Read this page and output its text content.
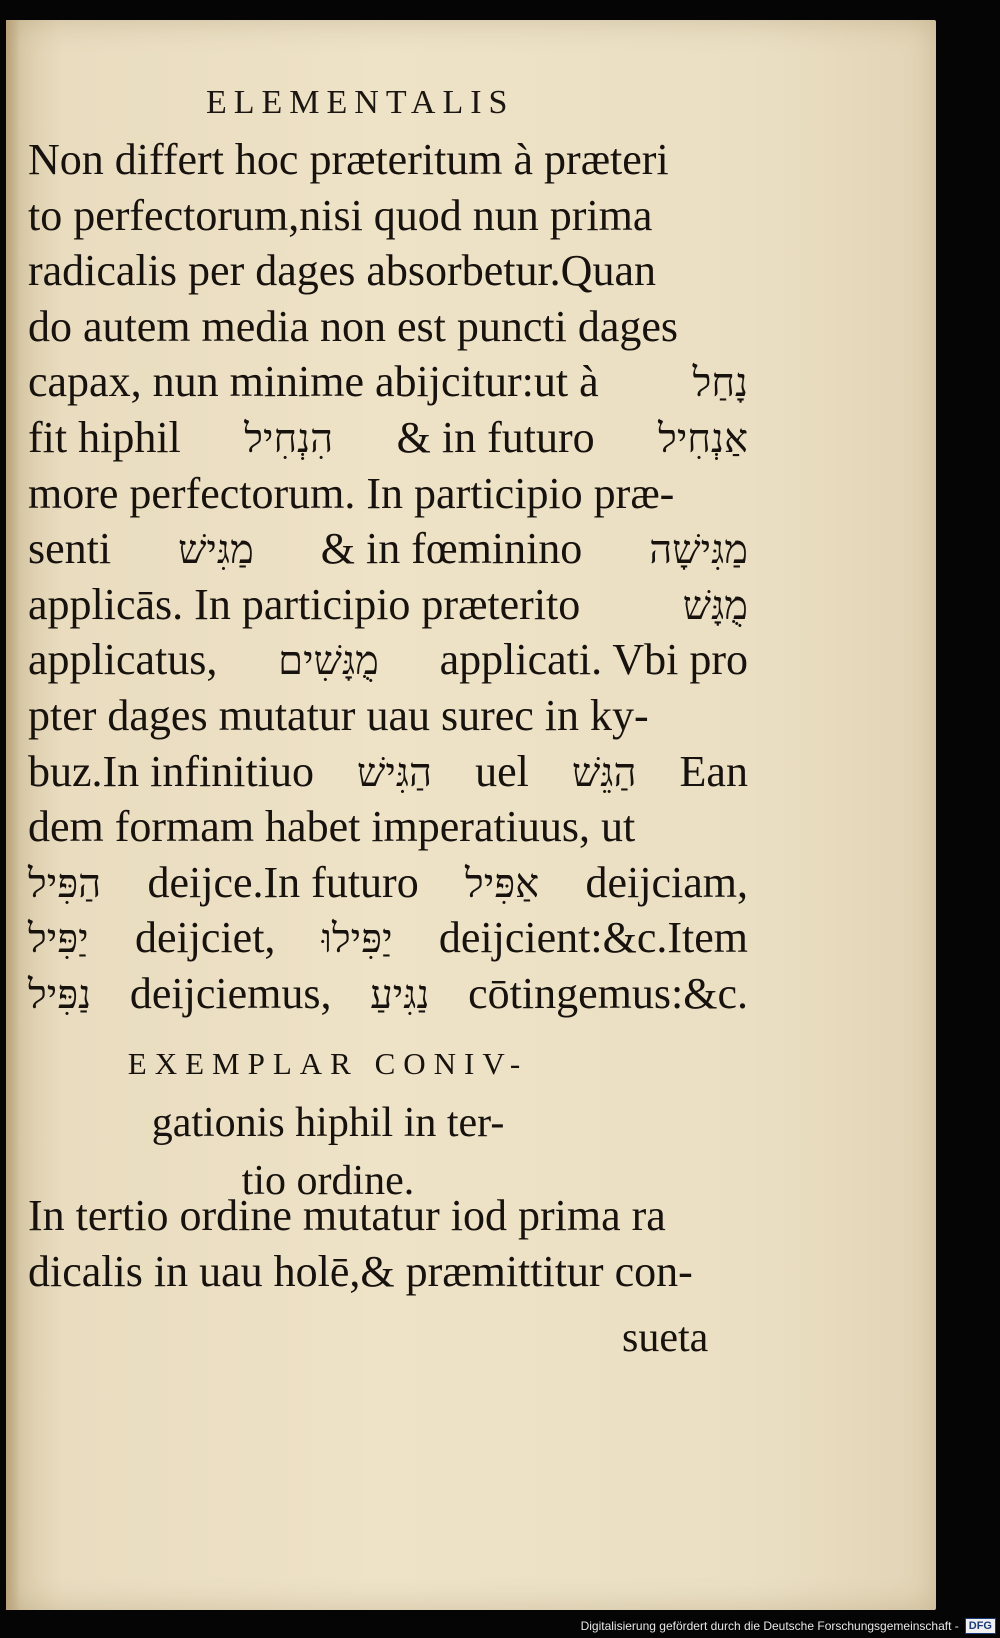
ELEMENTALIS
Non differt hoc præteritum à præteri
to perfectorum,nisi quod nun prima
radicalis per dages absorbetur.Quan
do autem media non est puncti dages
capax, nun minime abijcitur:ut à נָחַל
fit hiphil הִנְחִיל & in futuro אַנְחִיל
more perfectorum. In participio præ-
senti מַגִּישׁ & in fœminino מַגִּישָׁה
applicās. In participio præterito	מֻגָּשׁ
applicatus, מֻגָּשִׁים applicati. Vbi pro
pter dages mutatur uau surec in ky-
buz.In infinitiuo הַגִּישׁ uel הַגֵּשׁ Ean
dem formam habet imperatiuus, ut
הַפִּיל deijce.In futuro אַפִּיל deijciam,
יַפִּיל deijciet, יַפִּילוּ deijcient:&c.Item
נַפִּיל deijciemus, נַגִּיעַ cōtingemus:&c.
EXEMPLAR CONIV-
gationis hiphil in ter-
tio ordine.
In tertio ordine mutatur iod prima ra
dicalis in uau holē,& præmittitur con-
sueta
Digitalisierung gefördert durch die Deutsche Forschungsgemeinschaft - DFG
